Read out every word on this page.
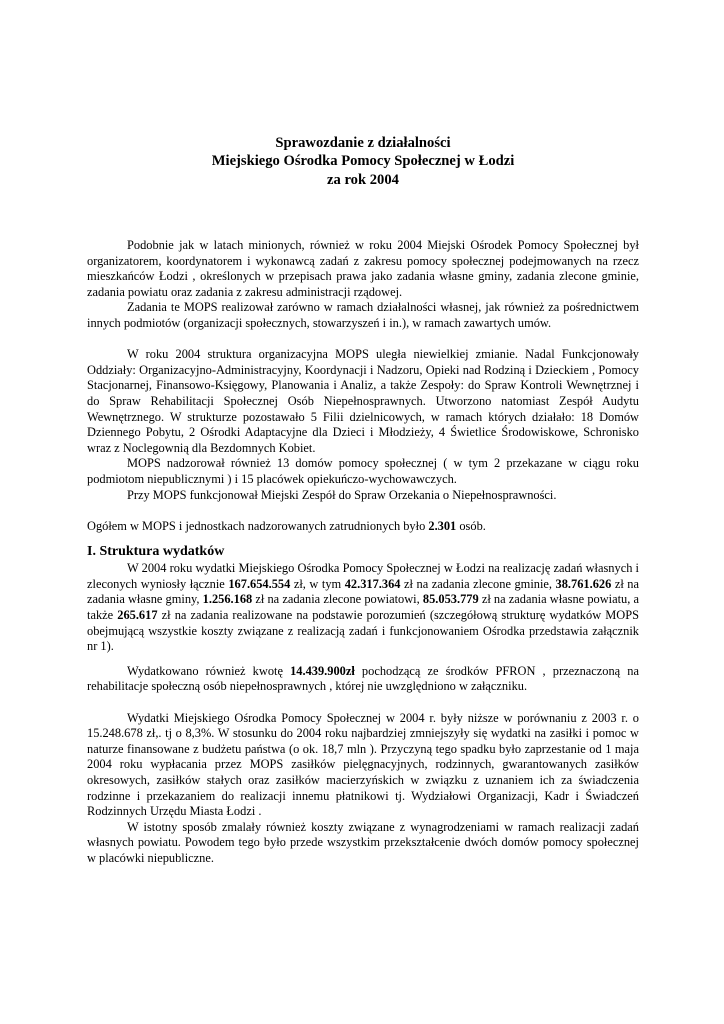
Sprawozdanie z działalności
Miejskiego Ośrodka Pomocy Społecznej w Łodzi
za rok 2004

Podobnie jak w latach minionych, również w roku 2004 Miejski Ośrodek Pomocy Społecznej był organizatorem, koordynatorem i wykonawcą zadań z zakresu pomocy społecznej podejmowanych na rzecz mieszkańców Łodzi , określonych w przepisach prawa jako zadania własne gminy, zadania zlecone gminie, zadania powiatu oraz zadania z zakresu administracji rządowej.

Zadania te MOPS realizował zarówno w ramach działalności własnej, jak również za pośrednictwem innych podmiotów (organizacji społecznych, stowarzyszeń i in.), w ramach zawartych umów.

W roku 2004 struktura organizacyjna MOPS uległa niewielkiej zmianie. Nadal Funkcjonowały Oddziały: Organizacyjno-Administracyjny, Koordynacji i Nadzoru, Opieki nad Rodziną i Dzieckiem , Pomocy Stacjonarnej, Finansowo-Księgowy, Planowania i Analiz, a także Zespoły: do Spraw Kontroli Wewnętrznej i do Spraw Rehabilitacji Społecznej Osób Niepełnosprawnych. Utworzono natomiast Zespół Audytu Wewnętrznego. W strukturze pozostawało 5 Filii dzielnicowych, w ramach których działało: 18 Domów Dziennego Pobytu, 2 Ośrodki Adaptacyjne dla Dzieci i Młodzieży, 4 Świetlice Środowiskowe, Schronisko wraz z Noclegownią dla Bezdomnych Kobiet.

MOPS nadzorował również 13 domów pomocy społecznej ( w tym 2 przekazane w ciągu roku podmiotom niepublicznymi ) i 15 placówek opiekuńczo-wychowawczych.

Przy MOPS funkcjonował Miejski Zespół do Spraw Orzekania o Niepełnosprawności.

Ogółem w MOPS i jednostkach nadzorowanych zatrudnionych było 2.301 osób.

I. Struktura wydatków

W 2004 roku wydatki Miejskiego Ośrodka Pomocy Społecznej w Łodzi na realizację zadań własnych i zleconych wyniosły łącznie 167.654.554 zł, w tym 42.317.364 zł na zadania zlecone gminie, 38.761.626 zł na zadania własne gminy, 1.256.168 zł na zadania zlecone powiatowi, 85.053.779 zł na zadania własne powiatu, a także 265.617 zł na zadania realizowane na podstawie porozumień (szczegółową strukturę wydatków MOPS obejmującą wszystkie koszty związane z realizacją zadań i funkcjonowaniem Ośrodka przedstawia załącznik nr 1).

Wydatkowano również kwotę 14.439.900zł pochodzącą ze środków PFRON , przeznaczoną na rehabilitacje społeczną osób niepełnosprawnych , której nie uwzględniono w załączniku.

Wydatki Miejskiego Ośrodka Pomocy Społecznej w 2004 r. były niższe w porównaniu z 2003 r. o 15.248.678 zł,. tj o 8,3%. W stosunku do 2004 roku najbardziej zmniejszyły się wydatki na zasiłki i pomoc w naturze finansowane z budżetu państwa (o ok. 18,7 mln ). Przyczyną tego spadku było zaprzestanie od 1 maja 2004 roku wypłacania przez MOPS zasiłków pielęgnacyjnych, rodzinnych, gwarantowanych zasiłków okresowych, zasiłków stałych oraz zasiłków macierzyńskich w związku z uznaniem ich za świadczenia rodzinne i przekazaniem do realizacji innemu płatnikowi tj. Wydziałowi Organizacji, Kadr i Świadczeń Rodzinnych Urzędu Miasta Łodzi .

W istotny sposób zmalały również koszty związane z wynagrodzeniami w ramach realizacji zadań własnych powiatu. Powodem tego było przede wszystkim przekształcenie dwóch domów pomocy społecznej w placówki niepubliczne.
